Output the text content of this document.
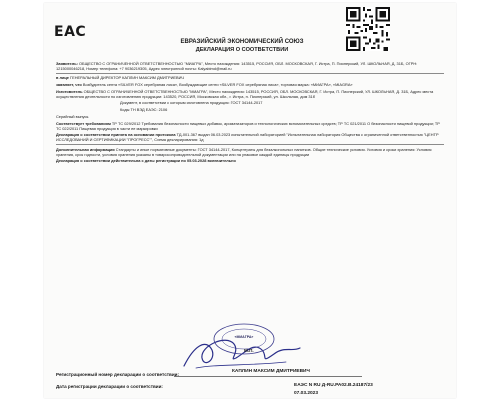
EAC
ЕВРАЗИЙСКИЙ ЭКОНОМИЧЕСКИЙ СОЮЗ
ДЕКЛАРАЦИЯ О СООТВЕТСТВИИ
Заявитель: ОБЩЕСТВО С ОГРАНИЧЕННОЙ ОТВЕТСТВЕННОСТЬЮ "МИАГРА", Место нахождения: 143515, РОССИЯ, ОБЛ. МОСКОВСКАЯ, Г. Истра, П. Пионерский, УЛ. ШКОЛЬНАЯ, Д. 31Б, ОГРН: 1215000046218, Номер телефона: +7 9036219305, Адрес электронной почты: Kalyabimd@mail.ru
в лице ГЕНЕРАЛЬНЫЙ ДИРЕКТОР КАПЛИН МАКСИМ ДМИТРИЕВИЧ
заявляет, что Возбудитель септа «SILVER FOX серебряная лиса», Возбуждающие септи «SILVER FOX серебряная лиса», торговая марка: «МИАГРА», «MIAGRA»
Изготовитель ОБЩЕСТВО С ОГРАНИЧЕННОЙ ОТВЕТСТВЕННОСТЬЮ "МИАГРА", Место нахождения: 143515, РОССИЯ, ОБЛ. МОСКОВСКАЯ, Г. Истра, П. Пионерский, УЛ. ШКОЛЬНАЯ, Д. 31Б, Адрес места осуществления деятельности по изготовлению продукции: 143520, РОССИЯ, Московская обл., г. Истра, п. Пионерский, ул. Школьная, дом 31б
Документ, в соответствии с которым изготовлена продукция: ГОСТ 34144-2017
Коды ТН ВЭД ЕАЭС: 2106
Серийный выпуск.
Соответствует требованиям ТР ТС 029/2012 Требования безопасности пищевых добавок, ароматизаторов и технологических вспомогательных средств; ТР ТС 021/2011 О безопасности пищевой продукции; ТР ТС 022/2011 Пищевая продукция в части ее маркировки
Декларация о соответствии принята на основании протокола ТД-001-367 выдан 06.03.2023 испытательной лабораторией "Испытательная лаборатория Общества с ограниченной ответственностью "ЦЕНТР ИССЛЕДОВАНИЙ И СЕРТИФИКАЦИИ "ПРОГРЕСС"", Схема декларирования: 1д
Дополнительная информация Стандарты и иные нормативные документы: ГОСТ 34144-2017, Концентраты для безалкогольных напитков. Общие технические условия. Условия и сроки хранения: Условия хранения, срок годности, условия хранения указаны в товаросопроводительной документации или на упаковке каждой единицы продукции
Декларация о соответствии действительна с даты регистрации по 05.03.2028 включительно
«МИАГРА»
М.П.
КАПЛИН МАКСИМ ДМИТРИЕВИЧ
Регистрационный номер декларации о соответствии:
ЕАЭС N RU Д-RU.РА02.В.24187/23
Дата регистрации декларации о соответствии:
07.03.2023
